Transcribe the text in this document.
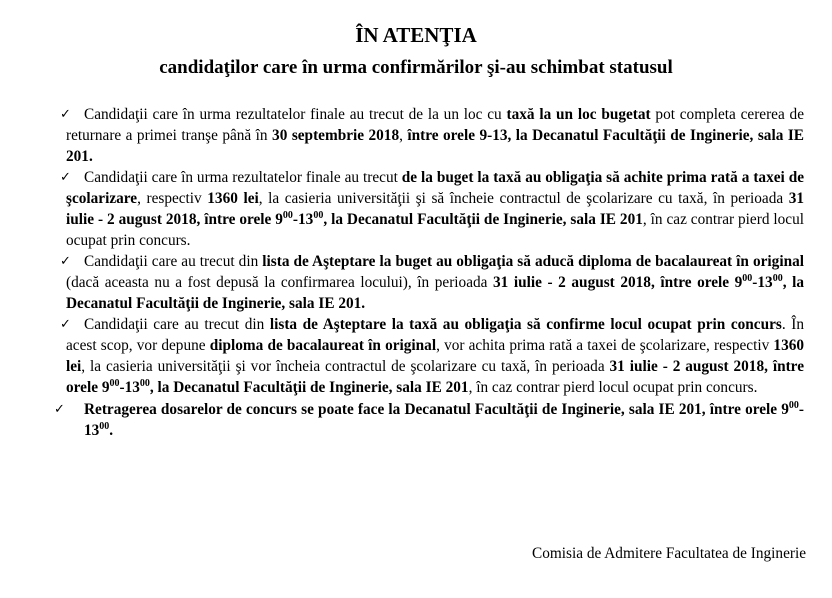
ÎN ATENŢIA
candidaţilor care în urma confirmărilor şi-au schimbat statusul
✓ Candidaţii care în urma rezultatelor finale au trecut de la un loc cu taxă la un loc bugetat pot completa cererea de returnare a primei tranşe până în 30 septembrie 2018, între orele 9-13, la Decanatul Facultăţii de Inginerie, sala IE 201.
✓ Candidaţii care în urma rezultatelor finale au trecut de la buget la taxă au obligaţia să achite prima rată a taxei de şcolarizare, respectiv 1360 lei, la casieria universităţii şi să încheie contractul de şcolarizare cu taxă, în perioada 31 iulie - 2 august 2018, între orele $9^{00}-13^{00}$, la Decanatul Facultăţii de Inginerie, sala IE 201, în caz contrar pierd locul ocupat prin concurs.
✓ Candidaţii care au trecut din lista de Aşteptare la buget au obligaţia să aducă diploma de bacalaureat în original (dacă aceasta nu a fost depusă la confirmarea locului), în perioada 31 iulie - 2 august 2018, între orele $9^{00}-13^{00}$, la Decanatul Facultăţii de Inginerie, sala IE 201.
✓ Candidaţii care au trecut din lista de Aşteptare la taxă au obligaţia să confirme locul ocupat prin concurs. În acest scop, vor depune diploma de bacalaureat în original, vor achita prima rată a taxei de şcolarizare, respectiv 1360 lei, la casieria universităţii şi vor încheia contractul de şcolarizare cu taxă, în perioada 31 iulie - 2 august 2018, între orele $9^{00}-13^{00}$, la Decanatul Facultăţii de Inginerie, sala IE 201, în caz contrar pierd locul ocupat prin concurs.
✓	Retragerea dosarelor de concurs se poate face la Decanatul Facultăţii de Inginerie, sala IE 201, între orele $9^{00}-13^{00}$.

Comisia de Admitere Facultatea de Inginerie
